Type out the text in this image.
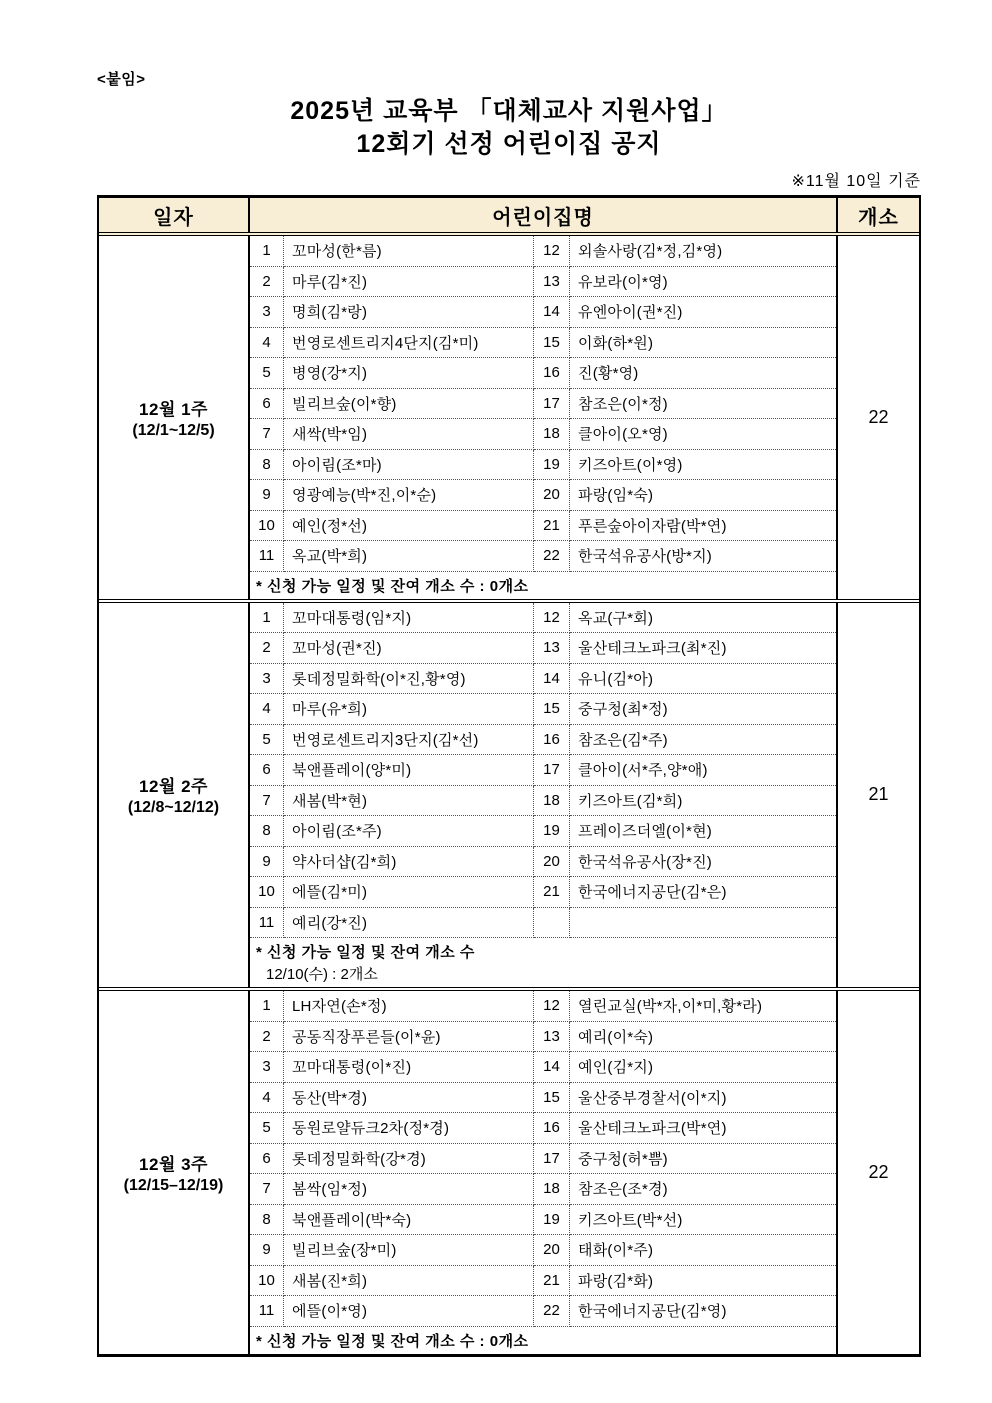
<붙임>
2025년 교육부 「대체교사 지원사업」
12회기 선정 어린이집 공지
※11월 10일 기준
일자	어린이집명	개소
12월 1주
(12/1~12/5)
1	꼬마성(한*름)	12	외솔사랑(김*정,김*영)
2	마루(김*진)	13	유보라(이*영)
3	명희(김*랑)	14	유엔아이(권*진)
4	번영로센트리지4단지(김*미)	15	이화(하*원)
5	병영(강*지)	16	진(황*영)
6	빌리브숲(이*향)	17	참조은(이*정)
7	새싹(박*임)	18	클아이(오*영)
8	아이림(조*마)	19	키즈아트(이*영)
9	영광예능(박*진,이*순)	20	파랑(임*숙)
10	예인(정*선)	21	푸른숲아이자람(박*연)
11	옥교(박*희)	22	한국석유공사(방*지)
* 신청 가능 일정 및 잔여 개소 수 : 0개소
22
12월 2주
(12/8~12/12)
1	꼬마대통령(임*지)	12	옥교(구*회)
2	꼬마성(권*진)	13	울산테크노파크(최*진)
3	롯데정밀화학(이*진,황*영)	14	유니(김*아)
4	마루(유*희)	15	중구청(최*정)
5	번영로센트리지3단지(김*선)	16	참조은(김*주)
6	북앤플레이(양*미)	17	클아이(서*주,양*애)
7	새봄(박*현)	18	키즈아트(김*희)
8	아이림(조*주)	19	프레이즈더엘(이*현)
9	약사더샵(김*희)	20	한국석유공사(장*진)
10	에뜰(김*미)	21	한국에너지공단(김*은)
11	예리(강*진)
* 신청 가능 일정 및 잔여 개소 수
12/10(수) : 2개소
21
12월 3주
(12/15–12/19)
1	LH자연(손*정)	12	열린교실(박*자,이*미,황*라)
2	공동직장푸른들(이*윤)	13	예리(이*숙)
3	꼬마대통령(이*진)	14	예인(김*지)
4	동산(박*경)	15	울산중부경찰서(이*지)
5	동원로얄듀크2차(정*경)	16	울산테크노파크(박*연)
6	롯데정밀화학(강*경)	17	중구청(허*쁨)
7	봄싹(임*정)	18	참조은(조*경)
8	북앤플레이(박*숙)	19	키즈아트(박*선)
9	빌리브숲(장*미)	20	태화(이*주)
10	새봄(진*희)	21	파랑(김*화)
11	에뜰(이*영)	22	한국에너지공단(김*영)
* 신청 가능 일정 및 잔여 개소 수 : 0개소
22
